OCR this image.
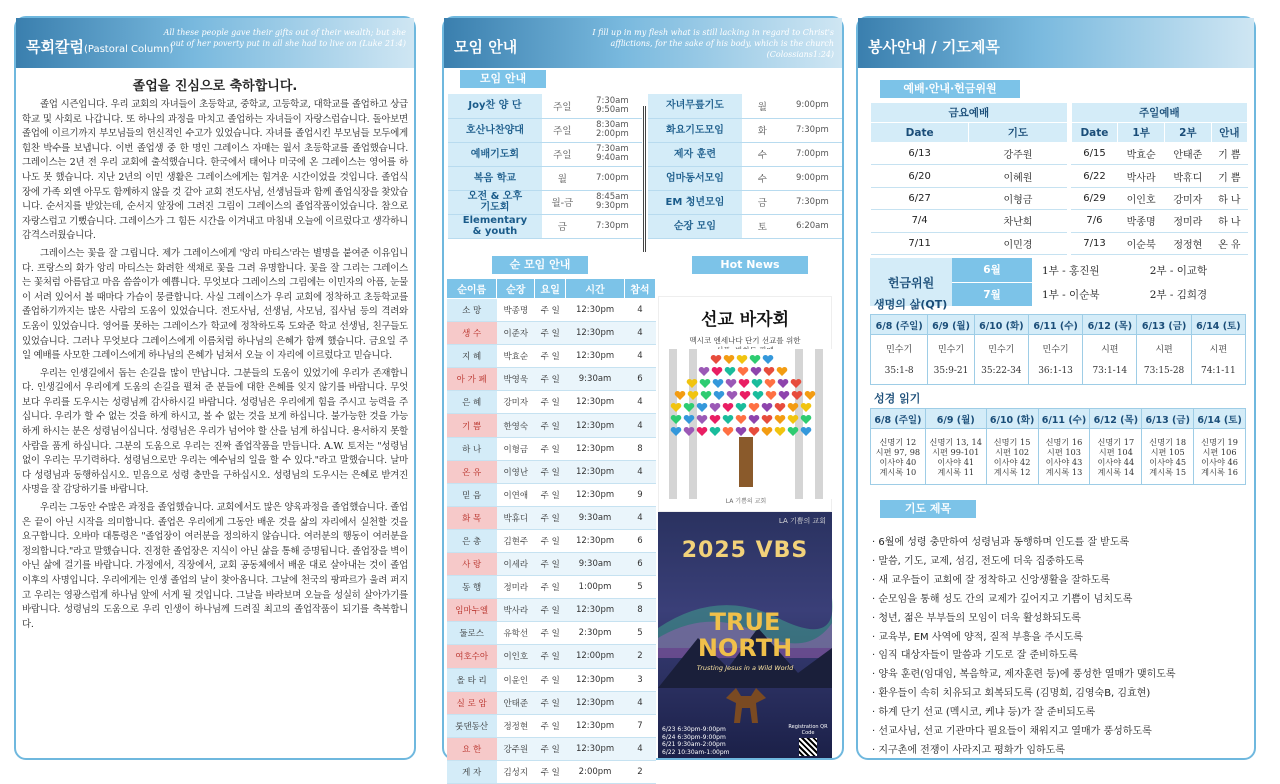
목회칼럼(Pastoral Column)
All these people gave their gifts out of their wealth; but she out of her poverty put in all she had to live on (Luke 21:4)
졸업을 진심으로 축하합니다.

졸업 시즌입니다. 우리 교회의 자녀들이 초등학교, 중학교, 고등학교, 대학교를 졸업하고 상급학교 및 사회로 나갑니다. 또 하나의 과정을 마치고 졸업하는 자녀들이 자랑스럽습니다. 돌아보면 졸업에 이르기까지 부모님들의 헌신적인 수고가 있었습니다. 자녀를 졸업시킨 부모님들 모두에게 힘찬 박수를 보냅니다. 이번 졸업생 중 한 명인 그레이스 자매는 월서 초등학교를 졸업했습니다. 그레이스는 2년 전 우리 교회에 출석했습니다. 한국에서 태어나 미국에 온 그레이스는 영어를 하나도 못 했습니다. 지난 2년의 이민 생활은 그레이스에게는 힘겨운 시간이었을 것입니다. 졸업식장에 가족 외엔 아무도 함께하지 않을 것 같아 교회 전도사님, 선생님들과 함께 졸업식장을 찾았습니다. 순서지를 받았는데, 순서지 앞장에 그려진 그림이 그레이스의 졸업작품이었습니다. 참으로 자랑스럽고 기뻤습니다. 그레이스가 그 힘든 시간을 이겨내고 마침내 오늘에 이르렀다고 생각하니 감격스러웠습니다.

그레이스는 꽃을 잘 그립니다. 제가 그레이스에게 '앙리 마티스'라는 별명을 붙여준 이유입니다. 프랑스의 화가 앙리 마티스는 화려한 색채로 꽃을 그려 유명합니다. 꽃을 잘 그리는 그레이스는 꽃처럼 아름답고 마음 씀씀이가 예쁩니다. 무엇보다 그레이스의 그림에는 이민자의 아픔, 눈물이 서려 있어서 볼 때마다 가슴이 뭉클합니다. 사실 그레이스가 우리 교회에 정착하고 초등학교를 졸업하기까지는 많은 사람의 도움이 있었습니다. 전도사님, 선생님, 사모님, 집사님 등의 격려와 도움이 있었습니다. 영어를 못하는 그레이스가 학교에 정착하도록 도와준 학교 선생님, 친구들도 있었습니다. 그러나 무엇보다 그레이스에게 이름처럼 하나님의 은혜가 함께 했습니다. 금요일 주일 예배를 사모한 그레이스에게 하나님의 은혜가 넘쳐서 오늘 이 자리에 이르렀다고 믿습니다.

우리는 인생길에서 돕는 손길을 많이 만납니다. 그분들의 도움이 있었기에 우리가 존재합니다. 인생길에서 우리에게 도움의 손길을 펼쳐 준 분들에 대한 은혜를 잊지 않기를 바랍니다. 무엇보다 우리를 도우시는 성령님께 감사하시길 바랍니다. 성령님은 우리에게 힘을 주시고 능력을 주십니다. 우리가 할 수 없는 것을 하게 하시고, 볼 수 없는 것을 보게 하십니다. 불가능한 것을 가능하게 하시는 분은 성령님이십니다. 성령님은 우리가 넘어야 할 산을 넘게 하십니다. 용서하지 못할 사람을 품게 하십니다. 그분의 도움으로 우리는 진짜 졸업작품을 만듭니다. A.W. 토저는 "성령님 없이 우리는 무기력하다. 성령님으로만 우리는 예수님의 일을 할 수 있다."라고 말했습니다. 날마다 성령님과 동행하십시오. 믿음으로 성령 충만을 구하십시오. 성령님의 도우시는 은혜로 받겨진 사명을 잘 감당하기를 바랍니다.

우리는 그동안 수많은 과정을 졸업했습니다. 교회에서도 많은 양육과정을 졸업했습니다. 졸업은 끝이 아닌 시작을 의미합니다. 졸업은 우리에게 그동안 배운 것을 삶의 자리에서 실천할 것을 요구합니다. 오바마 대통령은 "졸업장이 여러분을 정의하지 않습니다. 여러분의 행동이 여러분을 정의합니다."라고 말했습니다. 진정한 졸업장은 지식이 아닌 삶을 통해 증명됩니다. 졸업장을 벽이 아닌 삶에 걸기를 바랍니다. 가정에서, 직장에서, 교회 공동체에서 배운 대로 살아내는 것이 졸업 이후의 사명입니다. 우리에게는 인생 졸업의 날이 찾아옵니다. 그날에 천국의 팡파르가 울려 퍼지고 우리는 영광스럽게 하나님 앞에 서게 될 것입니다. 그날을 바라보며 오늘을 성실히 살아가기를 바랍니다. 성령님의 도움으로 우리 인생이 하나님께 드려질 최고의 졸업작품이 되기를 축복합니다.

모임 안내
I fill up in my flesh what is still lacking in regard to Christ's afflictions, for the sake of his body, which is the church (Colossians1:24)
모임 안내
Joy찬 양 단	주일	7:30am
9:50am
호산나찬양대	주일	8:30am
2:00pm
예배기도회	주일	7:30am
9:40am
복음 학교	월	7:00pm
오전 & 오후
기도회	월-금	8:45am
9:30pm
Elementary
& youth	금	7:30pm
자녀무릎기도	월	9:00pm
화요기도모임	화	7:30pm
제자 훈련	수	7:00pm
엄마동서모임	수	9:00pm
EM 청년모임	금	7:30pm
순장 모임	토	6:20am
순 모임 안내	Hot News
순이름	순장	요일	시간	참석
소 망	박종명	주 일	12:30pm	4
생 수	이준자	주 일	12:30pm	4
지 혜	박효순	주 일	12:30pm	4
아 가 페	박영욱	주 일	9:30am	6
은 혜	강미자	주 일	12:30pm	4
기 쁨	한영숙	주 일	12:30pm	4
하 나	이형금	주 일	12:30pm	8
온 유	이영난	주 일	12:30pm	4
믿 음	이연애	주 일	12:30pm	9
화 목	박휴디	주 일	9:30am	4
은 총	김현주	주 일	12:30pm	6
사 랑	이세라	주 일	9:30am	6
동 행	정미라	주 일	1:00pm	5
임마누엘	박사라	주 일	12:30pm	8
둘로스	유학선	주 일	2:30pm	5
여호수아	이인호	주 일	12:00pm	2
올 타 리	이윤인	주 일	12:30pm	3
실 로 암	안태준	주 일	12:30pm	4
룻댄동산	정정현	주 일	12:30pm	7
요 한	강주원	주 일	12:30pm	4
게 자	김성지	주 일	2:00pm	2
선교 바자회
멕시코 엔세나다 단기 선교를 위한

LA 기쁨의 교회
LA 기쁨의 교회
2025 VBS
TRUE
NORTH
Trusting Jesus in a Wild World
6/23 6:30pm-9:00pm
6/24 6:30pm-9:00pm
6/21 9:30am-2:00pm
6/22 10:30am-1:00pm
Registration QR Code
봉사안내 / 기도제목
예배·안내·헌금위원
금요예배			주일예배			
Date	기도		Date	1부	2부	안내
6/13	강주원		6/15	박효순	안태준	기 쁨
6/20	이혜원		6/22	박사라	박휴디	기 쁨
6/27	이형금		6/29	이인호	강미자	하 나
7/4	차난희		7/6	박종명	정미라	하 나
7/11	이민경		7/13	이순북	정정현	온 유
헌금위원	6월	1부 - 홍진원	2부 - 이교학
	7월	1부 - 이순북	2부 - 김희경
생명의 삶(QT)
6/8 (주일)	6/9 (월)	6/10 (화)	6/11 (수)	6/12 (목)	6/13 (금)	6/14 (토)
민수기	민수기	민수기	민수기	시편	시편	시편
35:1-8	35:9-21	35:22-34	36:1-13	73:1-14	73:15-28	74:1-11
성경 읽기
6/8 (주일)	6/9 (월)	6/10 (화)	6/11 (수)	6/12 (목)	6/13 (금)	6/14 (토)
신명기 12
시편 97, 98
이사야 40
계시록 10	신명기 13, 14
시편 99-101
이사야 41
계시록 11	신명기 15
시편 102
이사야 42
계시록 12	신명기 16
시편 103
이사야 43
계시록 13	신명기 17
시편 104
이사야 44
계시록 14	신명기 18
시편 105
이사야 45
계시록 15	신명기 19
시편 106
이사야 46
계시록 16
기도 제목
· 6월에 성령 충만하여 성령님과 동행하며 인도를 잘 받도록
· 말씀, 기도, 교제, 섬김, 전도에 더욱 집중하도록
· 새 교우들이 교회에 잘 정착하고 신앙생활을 잘하도록
· 순모임을 통해 성도 간의 교제가 깊어지고 기쁨이 넘치도록
· 청년, 젊은 부부들의 모임이 더욱 활성화되도록
· 교육부, EM 사역에 양적, 질적 부흥을 주시도록
· 임직 대상자들이 말씀과 기도로 잘 준비하도록
· 양육 훈련(임대임, 복음학교, 제자훈련 등)에 풍성한 열매가 맺히도록
· 환우들이 속히 치유되고 회복되도록 (김명희, 김영숙B, 김효현)
· 하계 단기 선교 (멕시코, 케냐 등)가 잘 준비되도록
· 선교사님, 선교 기관마다 필요들이 채워지고 열매가 풍성하도록
· 지구촌에 전쟁이 사라지고 평화가 임하도록
